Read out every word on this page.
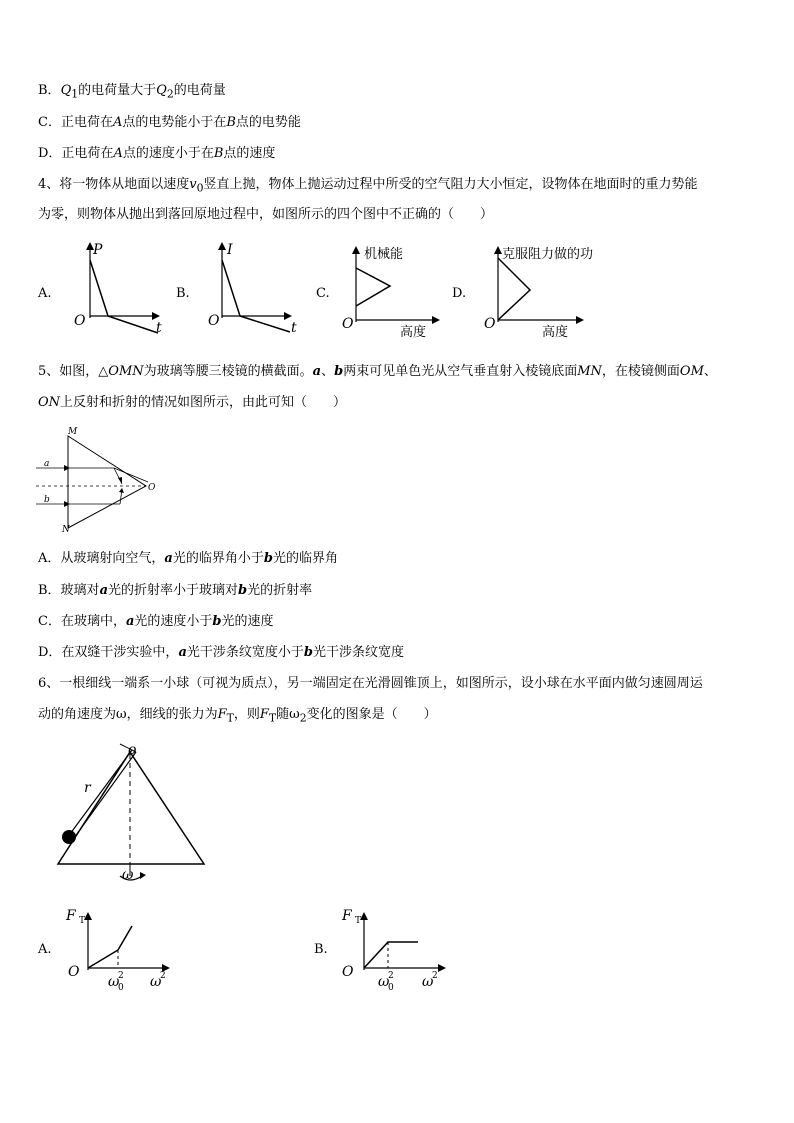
B．$Q_1$的电荷量大于$Q_2$的电荷量
C．正电荷在A点的电势能小于在B点的电势能
D．正电荷在A点的速度小于在B点的速度
4、将一物体从地面以速度$v_0$竖直上抛，物体上抛运动过程中所受的空气阻力大小恒定，设物体在地面时的重力势能
为零，则物体从抛出到落回原地过程中，如图所示的四个图中不正确的（　　）
A.
P
t
O
B.
I
t
O
C.
机械能
高度
O
D.
克服阻力做的功
高度
O
5、如图，△OMN为玻璃等腰三棱镜的横截面。a、b两束可见单色光从空气垂直射入棱镜底面MN，在棱镜侧面OM、
ON上反射和折射的情况如图所示，由此可知（　　）
M
N
O
a
b
A．从玻璃射向空气，a光的临界角小于b光的临界角
B．玻璃对a光的折射率小于玻璃对b光的折射率
C．在玻璃中，a光的速度小于b光的速度
D．在双缝干涉实验中，a光干涉条纹宽度小于b光干涉条纹宽度
6、一根细线一端系一小球（可视为质点），另一端固定在光滑圆锥顶上，如图所示，设小球在水平面内做匀速圆周运
动的角速度为ω，细线的张力为$F_T$，则$F_T$随$\omega_2$变化的图象是（　　）
o
r
ω
A.
F T
O
ω
0
2 ω
2
B.
F T
O
ω
0
2 ω
2
